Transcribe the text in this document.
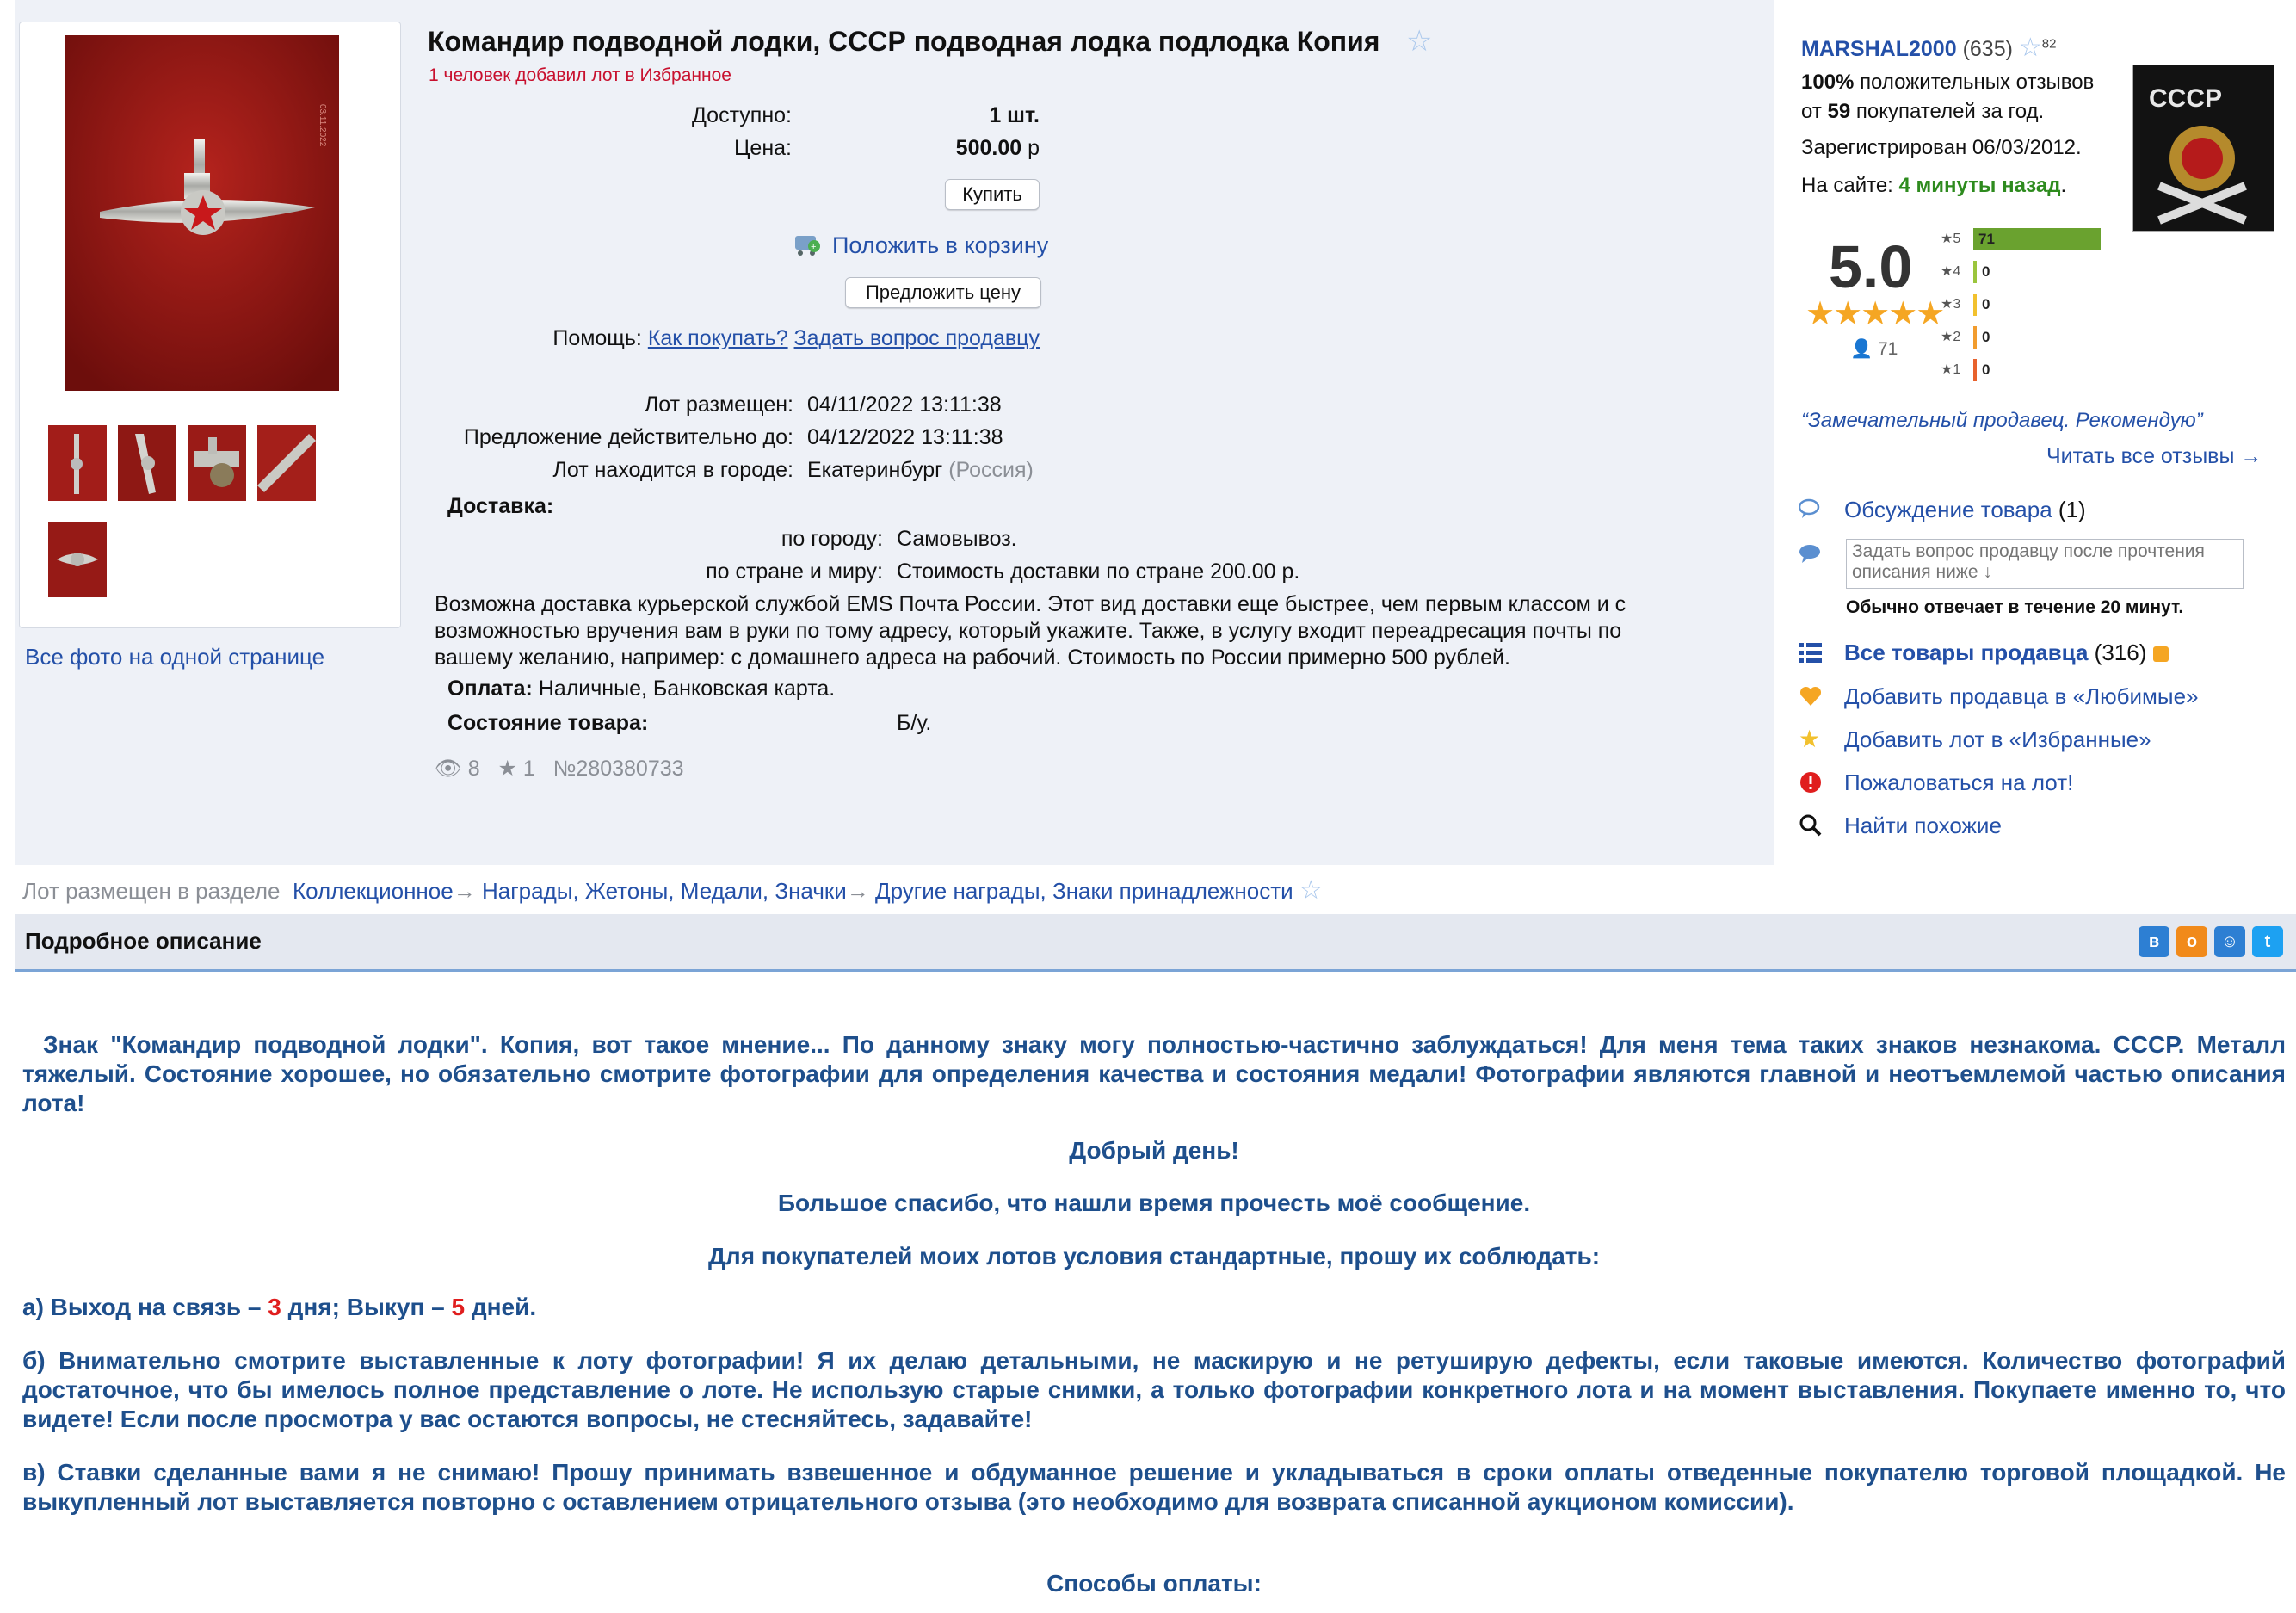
03.11.2022
Все фото на одной странице
Командир подводной лодки, СССР подводная лодка подлодка Копия ☆
1 человек добавил лот в Избранное
Доступно:	1 шт.
Цена:	500.00 р
Купить
+ Положить в корзину
Предложить цену
Помощь: Как покупать? Задать вопрос продавцу
Лот размещен: 04/11/2022 13:11:38
Предложение действительно до: 04/12/2022 13:11:38
Лот находится в городе: Екатеринбург (Россия)
Доставка:
по городу: Самовывоз.
по стране и миру: Стоимость доставки по стране 200.00 р.
Возможна доставка курьерской службой EMS Почта России. Этот вид доставки еще быстрее, чем первым классом и с возможностью вручения вам в руки по тому адресу, который укажите. Также, в услугу входит переадресация почты по вашему желанию, например: с домашнего адреса на рабочий. Стоимость по России примерно 500 рублей.
Оплата: Наличные, Банковская карта.
Состояние товара:	Б/у.
👁 8 ★ 1 №280380733
MARSHAL2000 (635) ☆$^{82}$
100% положительных отзывов
от 59 покупателей за год.
Зарегистрирован 06/03/2012.
На сайте: 4 минуты назад.
СССР
5.0
★★★★★
👤 71
★5 71
★4 0
★3 0
★2 0
★1 0
“Замечательный продавец. Рекомендую”
Читать все отзывы →
Обсуждение товара (1)
Задать вопрос продавцу после прочтения описания ниже ↓
Обычно отвечает в течение 20 минут.
Все товары продавца (316)
Добавить продавца в «Любимые»
★ Добавить лот в «Избранные»
Пожаловаться на лот!
Найти похожие
Лот размещен в разделе Коллекционное→ Награды, Жетоны, Медали, Значки→ Другие награды, Знаки принадлежности ☆
Подробное описание	в	о	☺	t
Знак "Командир подводной лодки". Копия, вот такое мнение... По данному знаку могу полностью-частично заблуждаться! Для меня тема таких знаков незнакома. СССР. Металл тяжелый. Состояние хорошее, но обязательно смотрите фотографии для определения качества и состояния медали! Фотографии являются главной и неотъемлемой частью описания лота!
Добрый день!
Большое спасибо, что нашли время прочесть моё сообщение.
Для покупателей моих лотов условия стандартные, прошу их соблюдать:
а) Выход на связь – 3 дня; Выкуп – 5 дней.
б) Внимательно смотрите выставленные к лоту фотографии! Я их делаю детальными, не маскирую и не ретуширую дефекты, если таковые имеются. Количество фотографий достаточное, что бы имелось полное представление о лоте. Не использую старые снимки, а только фотографии конкретного лота и на момент выставления. Покупаете именно то, что видете! Если после просмотра у вас остаются вопросы, не стесняйтесь, задавайте!
в) Ставки сделанные вами я не снимаю! Прошу принимать взвешенное и обдуманное решение и укладываться в сроки оплаты отведенные покупателю торговой площадкой. Не выкупленный лот выставляется повторно с оставлением отрицательного отзыва (это необходимо для возврата списанной аукционом комиссии).
Способы оплаты:
